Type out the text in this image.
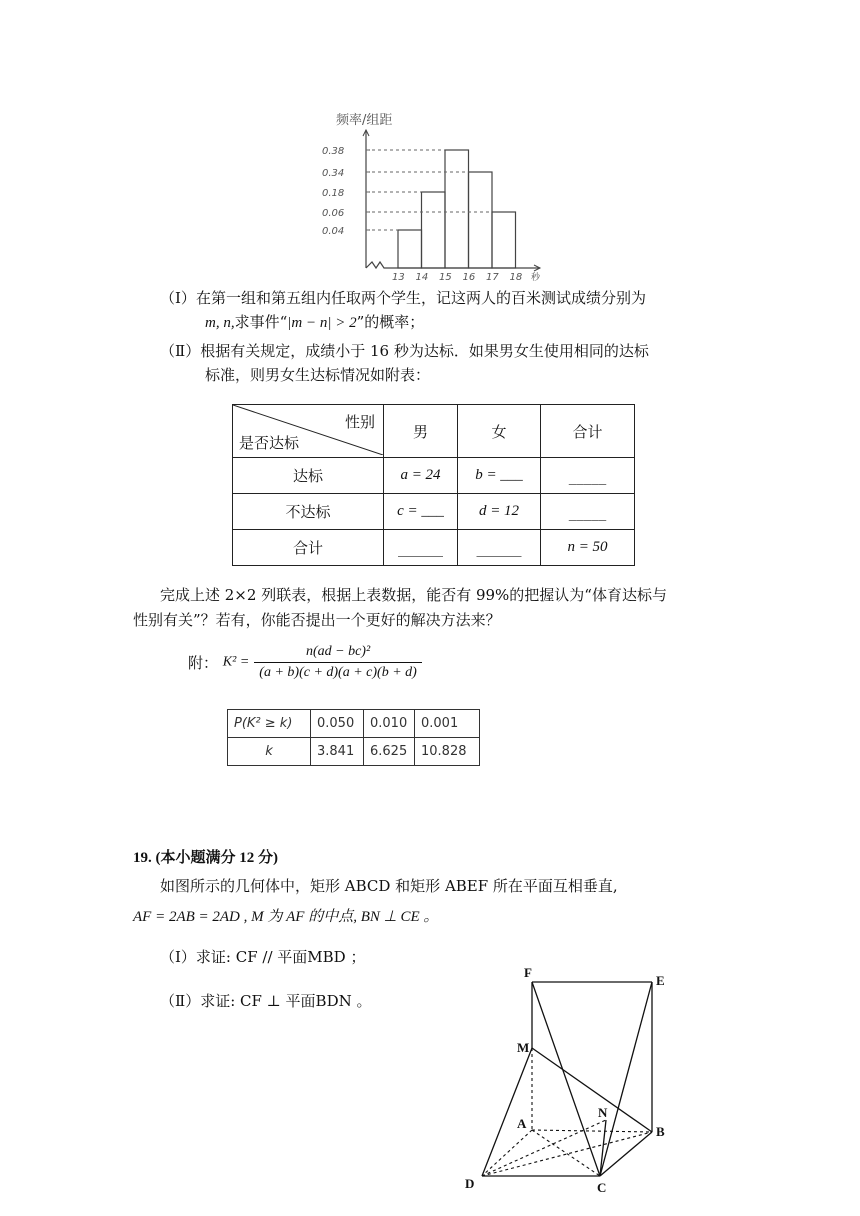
频率/组距
0.38
0.34
0.18
0.06
0.04
13 14 15 16 17 18 秒
（Ⅰ）在第一组和第五组内任取两个学生，记这两人的百米测试成绩分别为
m, n,求事件“|m − n| > 2”的概率；
（Ⅱ）根据有关规定，成绩小于 16 秒为达标．如果男女生使用相同的达标
标准，则男女生达标情况如附表：
性别
是否达标	男	女	合计
达标	a = 24	b = ___	_____
不达标	c = ___	d = 12	_____
合计	______	______	n = 50
完成上述 2×2 列联表，根据上表数据，能否有 99%的把握认为“体育达标与
性别有关”？若有，你能否提出一个更好的解决方法来？
附： $K^2 = \frac{\text{n(ad − bc)²}}{(a + b)(c + d)(a + c)(b + d)}$
P(K² ≥ k)	0.050	0.010	0.001
k	3.841	6.625	10.828
19. (本小题满分 12 分)
如图所示的几何体中，矩形 ABCD 和矩形 ABEF 所在平面互相垂直,
AF = 2AB = 2AD , M 为 AF 的中点, BN ⊥ CE 。
（Ⅰ）求证: CF // 平面MBD ；
（Ⅱ）求证: CF ⊥ 平面BDN 。
F
E
M
A
N
B
D	C
